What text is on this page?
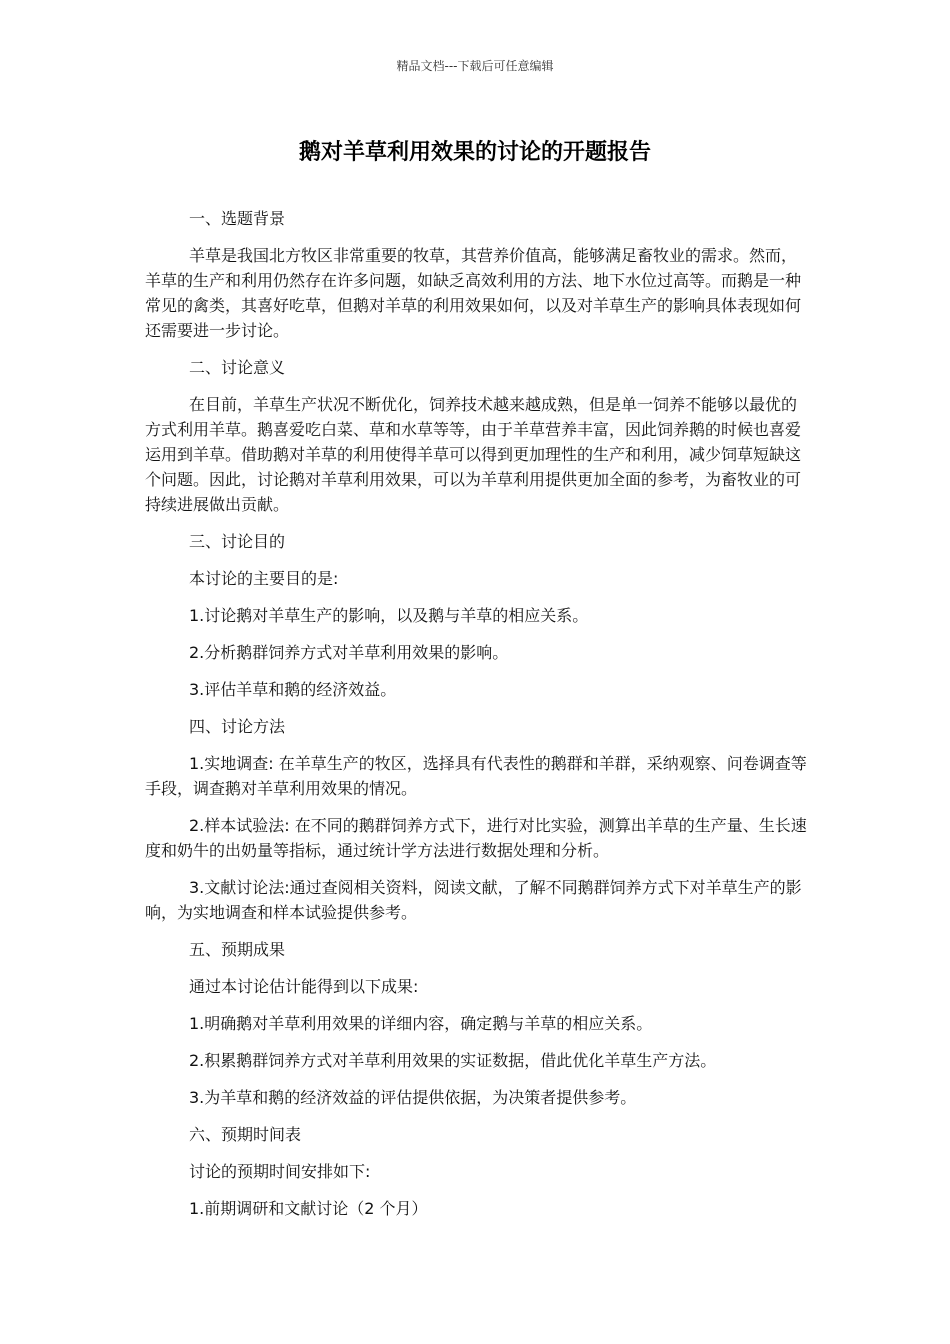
精品文档---下载后可任意编辑
鹅对羊草利用效果的讨论的开题报告

一、选题背景

羊草是我国北方牧区非常重要的牧草，其营养价值高，能够满足畜牧业的需求。然而，羊草的生产和利用仍然存在许多问题，如缺乏高效利用的方法、地下水位过高等。而鹅是一种常见的禽类，其喜好吃草，但鹅对羊草的利用效果如何，以及对羊草生产的影响具体表现如何还需要进一步讨论。

二、讨论意义

在目前，羊草生产状况不断优化，饲养技术越来越成熟，但是单一饲养不能够以最优的方式利用羊草。鹅喜爱吃白菜、草和水草等等，由于羊草营养丰富，因此饲养鹅的时候也喜爱运用到羊草。借助鹅对羊草的利用使得羊草可以得到更加理性的生产和利用，减少饲草短缺这个问题。因此，讨论鹅对羊草利用效果，可以为羊草利用提供更加全面的参考，为畜牧业的可持续进展做出贡献。

三、讨论目的

本讨论的主要目的是:

1.讨论鹅对羊草生产的影响，以及鹅与羊草的相应关系。

2.分析鹅群饲养方式对羊草利用效果的影响。

3.评估羊草和鹅的经济效益。

四、讨论方法

1.实地调查: 在羊草生产的牧区，选择具有代表性的鹅群和羊群，采纳观察、问卷调查等手段，调查鹅对羊草利用效果的情况。

2.样本试验法: 在不同的鹅群饲养方式下，进行对比实验，测算出羊草的生产量、生长速度和奶牛的出奶量等指标，通过统计学方法进行数据处理和分析。

3.文献讨论法:通过查阅相关资料，阅读文献，了解不同鹅群饲养方式下对羊草生产的影响，为实地调查和样本试验提供参考。

五、预期成果

通过本讨论估计能得到以下成果:

1.明确鹅对羊草利用效果的详细内容，确定鹅与羊草的相应关系。

2.积累鹅群饲养方式对羊草利用效果的实证数据，借此优化羊草生产方法。

3.为羊草和鹅的经济效益的评估提供依据，为决策者提供参考。

六、预期时间表

讨论的预期时间安排如下:

1.前期调研和文献讨论（2 个月）
